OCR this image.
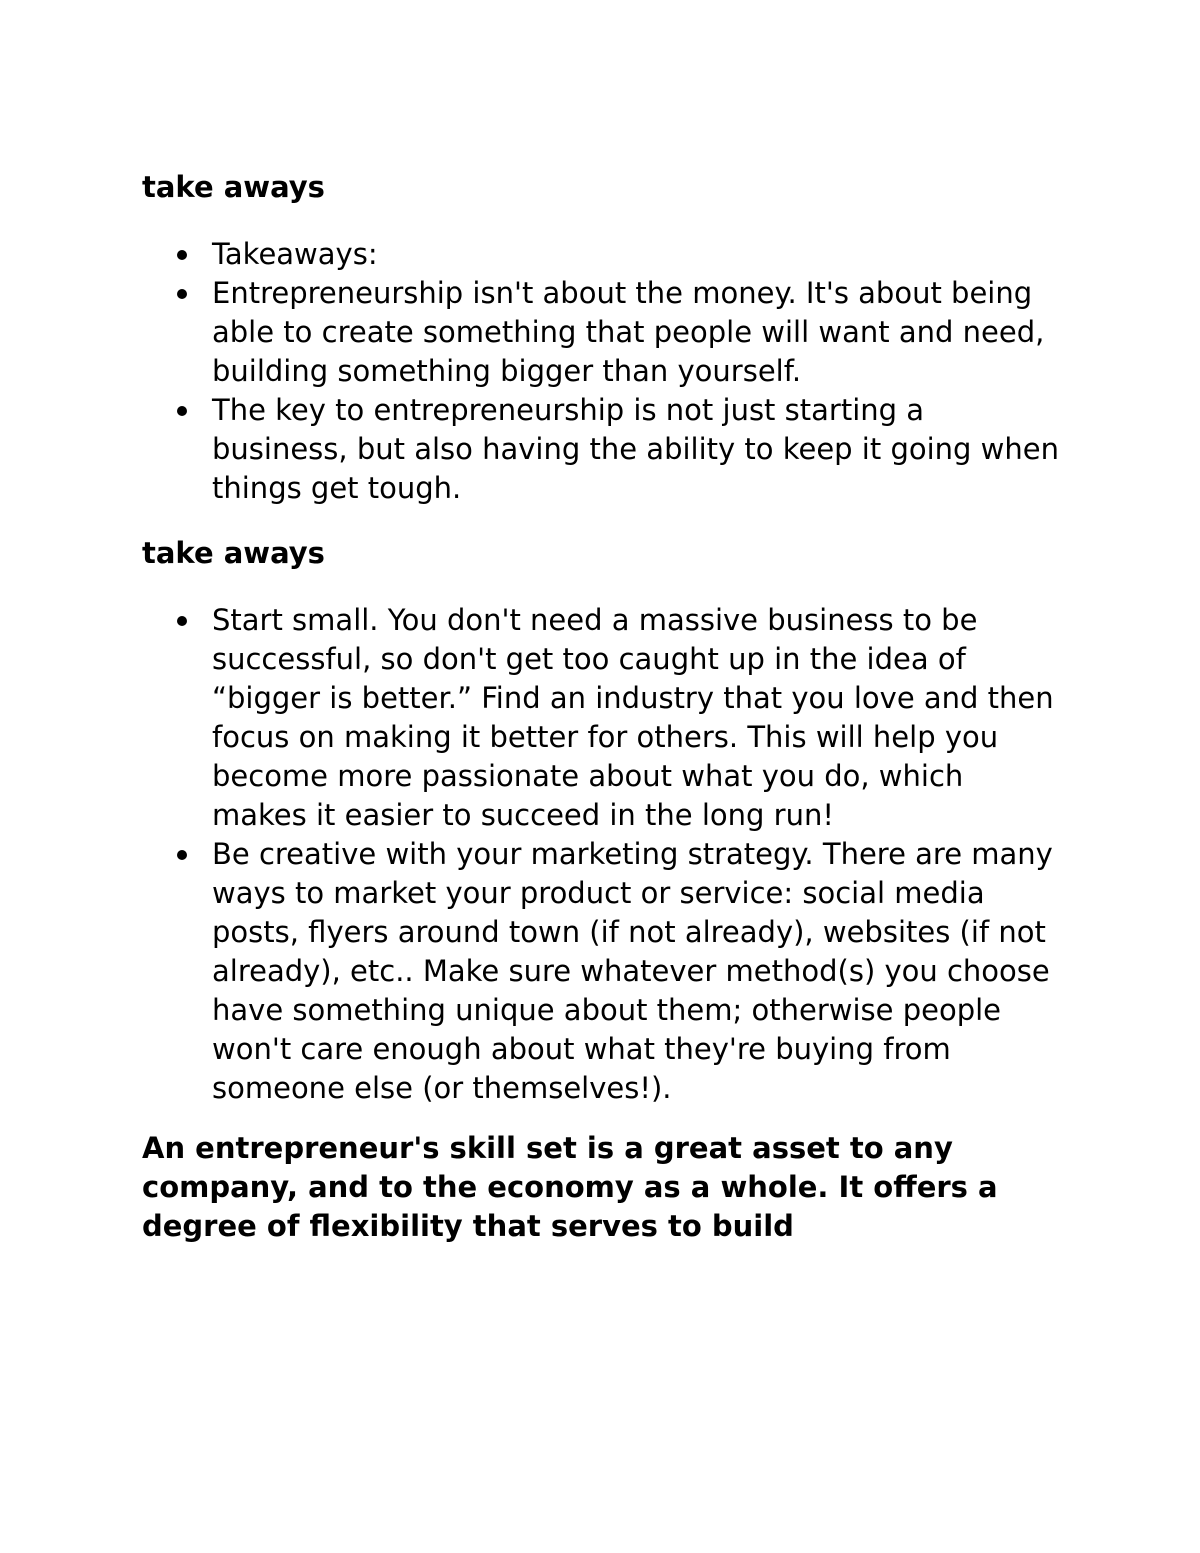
take aways
Takeaways:
Entrepreneurship isn't about the money. It's about being able to create something that people will want and need, building something bigger than yourself.
The key to entrepreneurship is not just starting a business, but also having the ability to keep it going when things get tough.
take aways
Start small. You don't need a massive business to be successful, so don't get too caught up in the idea of “bigger is better.” Find an industry that you love and then focus on making it better for others. This will help you become more passionate about what you do, which makes it easier to succeed in the long run!
Be creative with your marketing strategy. There are many ways to market your product or service: social media posts, flyers around town (if not already), websites (if not already), etc.. Make sure whatever method(s) you choose have something unique about them; otherwise people won't care enough about what they're buying from someone else (or themselves!).

An entrepreneur's skill set is a great asset to any company, and to the economy as a whole. It offers a degree of flexibility that serves to build
